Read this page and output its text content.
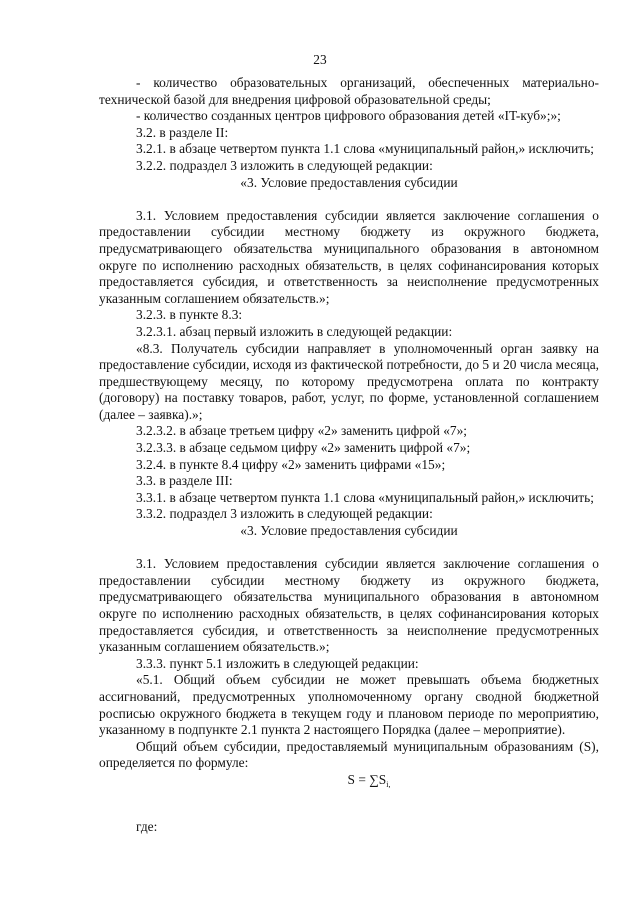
23

- количество образовательных организаций, обеспеченных материально-технической базой для внедрения цифровой образовательной среды;

- количество созданных центров цифрового образования детей «IT-куб»;»;

3.2. в разделе II:

3.2.1. в абзаце четвертом пункта 1.1 слова «муниципальный район,» исключить;

3.2.2. подраздел 3 изложить в следующей редакции:

«3. Условие предоставления субсидии

3.1. Условием предоставления субсидии является заключение соглашения о предоставлении субсидии местному бюджету из окружного бюджета, предусматривающего обязательства муниципального образования в автономном округе по исполнению расходных обязательств, в целях софинансирования которых предоставляется субсидия, и ответственность за неисполнение предусмотренных указанным соглашением обязательств.»;

3.2.3. в пункте 8.3:

3.2.3.1. абзац первый изложить в следующей редакции:

«8.3. Получатель субсидии направляет в уполномоченный орган заявку на предоставление субсидии, исходя из фактической потребности, до 5 и 20 числа месяца, предшествующему месяцу, по которому предусмотрена оплата по контракту (договору) на поставку товаров, работ, услуг, по форме, установленной соглашением (далее – заявка).»;

3.2.3.2. в абзаце третьем цифру «2» заменить цифрой «7»;

3.2.3.3. в абзаце седьмом цифру «2» заменить цифрой «7»;

3.2.4. в пункте 8.4 цифру «2» заменить цифрами «15»;

3.3. в разделе III:

3.3.1. в абзаце четвертом пункта 1.1 слова «муниципальный район,» исключить;

3.3.2. подраздел 3 изложить в следующей редакции:

«3. Условие предоставления субсидии

3.1. Условием предоставления субсидии является заключение соглашения о предоставлении субсидии местному бюджету из окружного бюджета, предусматривающего обязательства муниципального образования в автономном округе по исполнению расходных обязательств, в целях софинансирования которых предоставляется субсидия, и ответственность за неисполнение предусмотренных указанным соглашением обязательств.»;

3.3.3. пункт 5.1 изложить в следующей редакции:

«5.1. Общий объем субсидии не может превышать объема бюджетных ассигнований, предусмотренных уполномоченному органу сводной бюджетной росписью окружного бюджета в текущем году и плановом периоде по мероприятию, указанному в подпункте 2.1 пункта 2 настоящего Порядка (далее – мероприятие).

Общий объем субсидии, предоставляемый муниципальным образованиям (S), определяется по формуле:

$S = \sum S_{i,}$

где:
